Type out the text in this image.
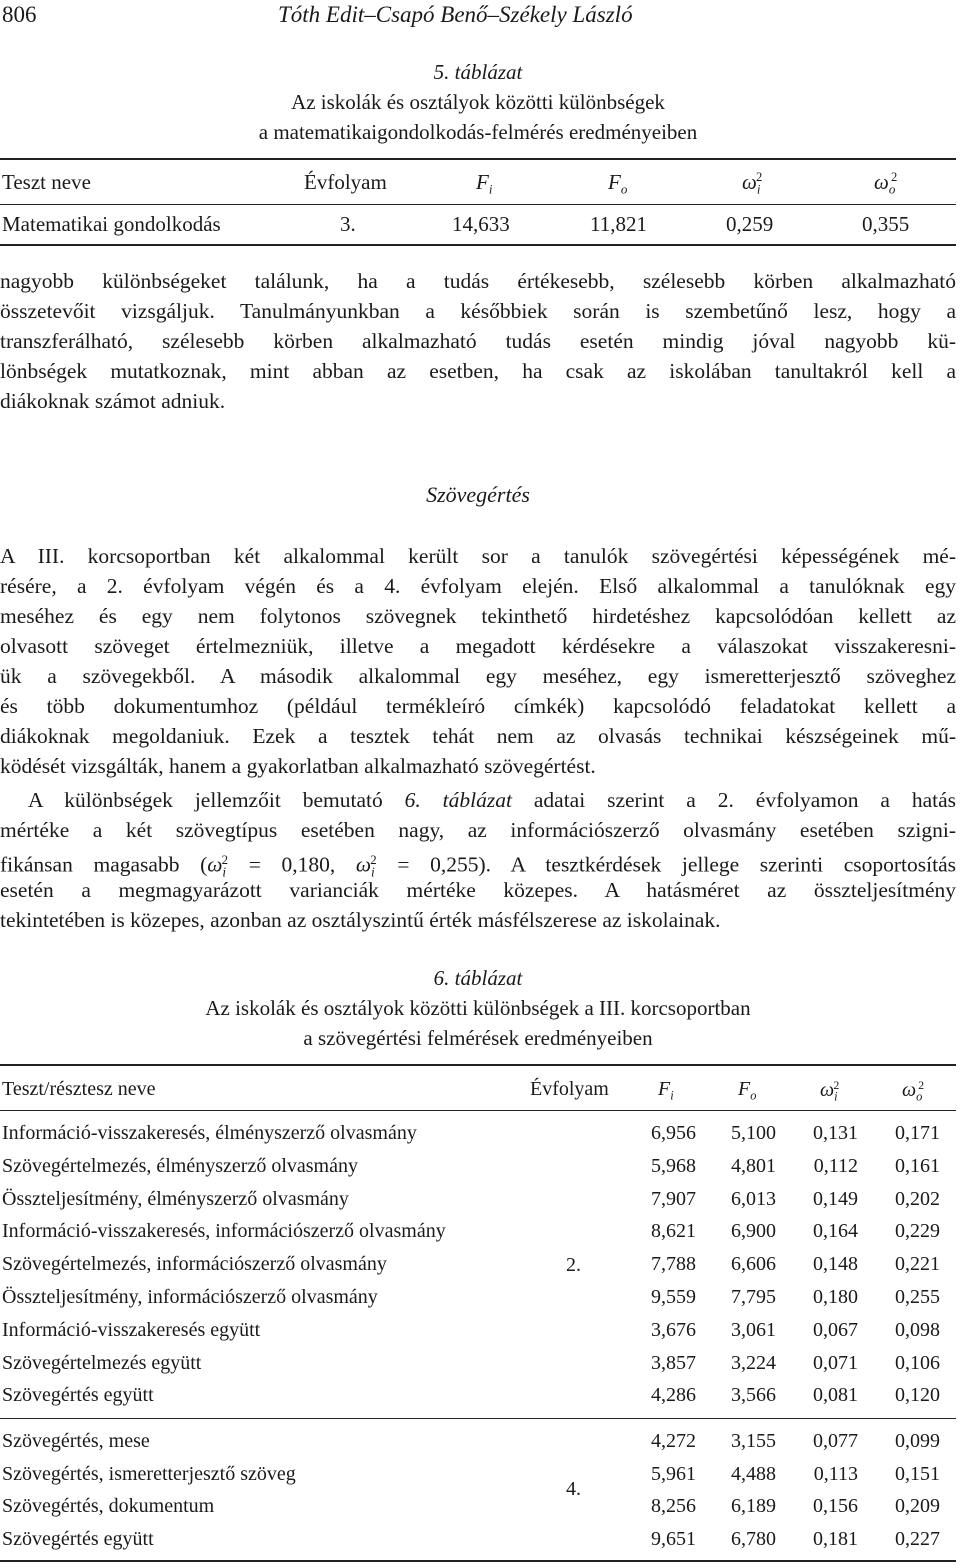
806	Tóth Edit–Csapó Benő–Székely László
5. táblázat
Az iskolák és osztályok közötti különbségek
a matematikaigondolkodás-felmérés eredményeiben
Teszt neve	Évfolyam	$F_i$	$F_o$	$\omega_i^2$	$\omega_o^2$
Matematikai gondolkodás	3.	14,633	11,821	0,259	0,355
nagyobb különbségeket találunk, ha a tudás értékesebb, szélesebb körben alkalmazható
összetevőit vizsgáljuk. Tanulmányunkban a későbbiek során is szembetűnő lesz, hogy a
transzferálható, szélesebb körben alkalmazható tudás esetén mindig jóval nagyobb kü-
lönbségek mutatkoznak, mint abban az esetben, ha csak az iskolában tanultakról kell a
diákoknak számot adniuk.
Szövegértés
A III. korcsoportban két alkalommal került sor a tanulók szövegértési képességének mé-
résére, a 2. évfolyam végén és a 4. évfolyam elején. Első alkalommal a tanulóknak egy
meséhez és egy nem folytonos szövegnek tekinthető hirdetéshez kapcsolódóan kellett az
olvasott szöveget értelmezniük, illetve a megadott kérdésekre a válaszokat visszakeresni-
ük a szövegekből. A második alkalommal egy meséhez, egy ismeretterjesztő szöveghez
és több dokumentumhoz (például termékleíró címkék) kapcsolódó feladatokat kellett a
diákoknak megoldaniuk. Ezek a tesztek tehát nem az olvasás technikai készségeinek mű-
ködését vizsgálták, hanem a gyakorlatban alkalmazható szövegértést.
A különbségek jellemzőit bemutató 6. táblázat adatai szerint a 2. évfolyamon a hatás
mértéke a két szövegtípus esetében nagy, az információszerző olvasmány esetében szigni-
fikánsan magasabb ($\omega_i^2 = 0,180$, $\omega_i^2 = 0,255$). A tesztkérdések jellege szerinti csoportosítás
esetén a megmagyarázott varianciák mértéke közepes. A hatásméret az összteljesítmény
tekintetében is közepes, azonban az osztályszintű érték másfélszerese az iskolainak.
6. táblázat
Az iskolák és osztályok közötti különbségek a III. korcsoportban
a szövegértési felmérések eredményeiben
Teszt/résztesz neve	Évfolyam $F_i$	$F_o$	$\omega_i^2$	$\omega_o^2$
Információ-visszakeresés, élményszerző olvasmány	6,956 5,100 0,131 0,171
Szövegértelmezés, élményszerző olvasmány	5,968 4,801 0,112 0,161
Összteljesítmény, élményszerző olvasmány	7,907 6,013 0,149 0,202
Információ-visszakeresés, információszerző olvasmány	8,621 6,900 0,164 0,229
Szövegértelmezés, információszerző olvasmány	7,788 6,606 0,148 0,221
Összteljesítmény, információszerző olvasmány	9,559 7,795 0,180 0,255
Információ-visszakeresés együtt	3,676 3,061 0,067 0,098
Szövegértelmezés együtt	3,857 3,224 0,071 0,106
Szövegértés együtt	4,286 3,566 0,081 0,120
2.
Szövegértés, mese	4,272 3,155 0,077 0,099
Szövegértés, ismeretterjesztő szöveg	5,961 4,488 0,113 0,151
Szövegértés, dokumentum	8,256 6,189 0,156 0,209
Szövegértés együtt	9,651 6,780 0,181 0,227
4.
